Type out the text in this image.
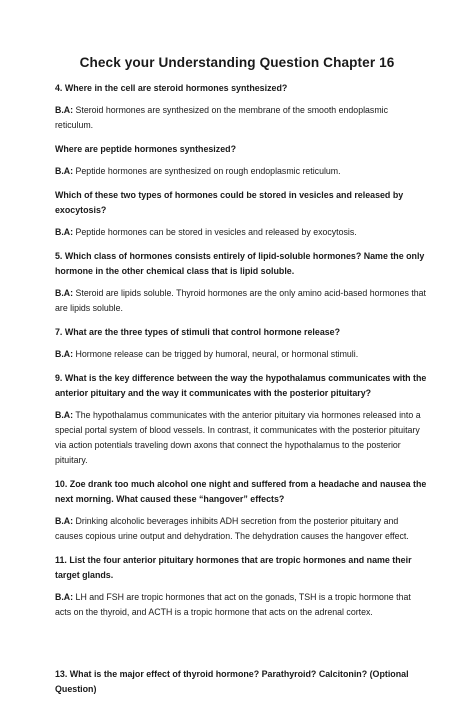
Check your Understanding Question Chapter 16
4. Where in the cell are steroid hormones synthesized?
B.A: Steroid hormones are synthesized on the membrane of the smooth endoplasmic reticulum.
Where are peptide hormones synthesized?
B.A: Peptide hormones are synthesized on rough endoplasmic reticulum.
Which of these two types of hormones could be stored in vesicles and released by exocytosis?
B.A: Peptide hormones can be stored in vesicles and released by exocytosis.
5. Which class of hormones consists entirely of lipid-soluble hormones? Name the only hormone in the other chemical class that is lipid soluble.
B.A: Steroid are lipids soluble. Thyroid hormones are the only amino acid-based hormones that are lipids soluble.
7. What are the three types of stimuli that control hormone release?
B.A: Hormone release can be trigged by humoral, neural, or hormonal stimuli.
9. What is the key difference between the way the hypothalamus communicates with the anterior pituitary and the way it communicates with the posterior pituitary?
B.A: The hypothalamus communicates with the anterior pituitary via hormones released into a special portal system of blood vessels. In contrast, it communicates with the posterior pituitary via action potentials traveling down axons that connect the hypothalamus to the posterior pituitary.
10. Zoe drank too much alcohol one night and suffered from a headache and nausea the next morning. What caused these “hangover” effects?
B.A: Drinking alcoholic beverages inhibits ADH secretion from the posterior pituitary and causes copious urine output and dehydration. The dehydration causes the hangover effect.
11. List the four anterior pituitary hormones that are tropic hormones and name their target glands.
B.A: LH and FSH are tropic hormones that act on the gonads, TSH is a tropic hormone that acts on the thyroid, and ACTH is a tropic hormone that acts on the adrenal cortex.
13. What is the major effect of thyroid hormone? Parathyroid? Calcitonin? (Optional Question)
